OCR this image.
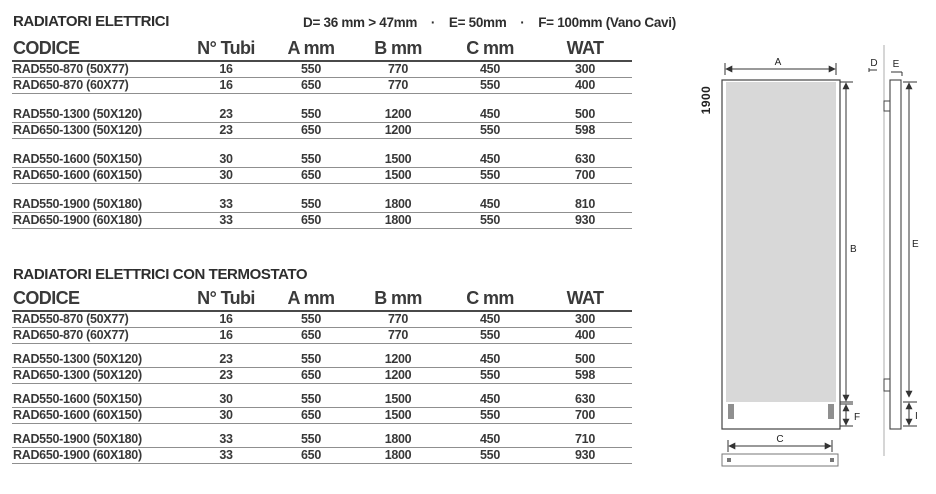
RADIATORI ELETTRICI	D= 36 mm > 47mm    ·    E= 50mm    ·    F= 100mm (Vano Cavi)
RADIATORI ELETTRICI CON TERMOSTATO
CODICE	N° Tubi	A mm	B mm	C mm	WAT
RAD550-870 (50X77)	16	550	770	450	300
RAD650-870 (60X77)	16	650	770	550	400
RAD550-1300 (50X120)	23	550	1200	450	500
RAD650-1300 (50X120)	23	650	1200	550	598
RAD550-1600 (50X150)	30	550	1500	450	630
RAD650-1600 (60X150)	30	650	1500	550	700
RAD550-1900 (50X180)	33	550	1800	450	810
RAD650-1900 (60X180)	33	650	1800	550	930
CODICE	N° Tubi	A mm	B mm	C mm	WAT
RAD550-870 (50X77)	16	550	770	450	300
RAD650-870 (60X77)	16	650	770	550	400
RAD550-1300 (50X120)	23	550	1200	450	500
RAD650-1300 (50X120)	23	650	1200	550	598
RAD550-1600 (50X150)	30	550	1500	450	630
RAD650-1600 (60X150)	30	650	1500	550	700
RAD550-1900 (50X180)	33	550	1800	450	710
RAD650-1900 (60X180)	33	650	1800	550	930
A
1900
B
F
C
D E
E
I
